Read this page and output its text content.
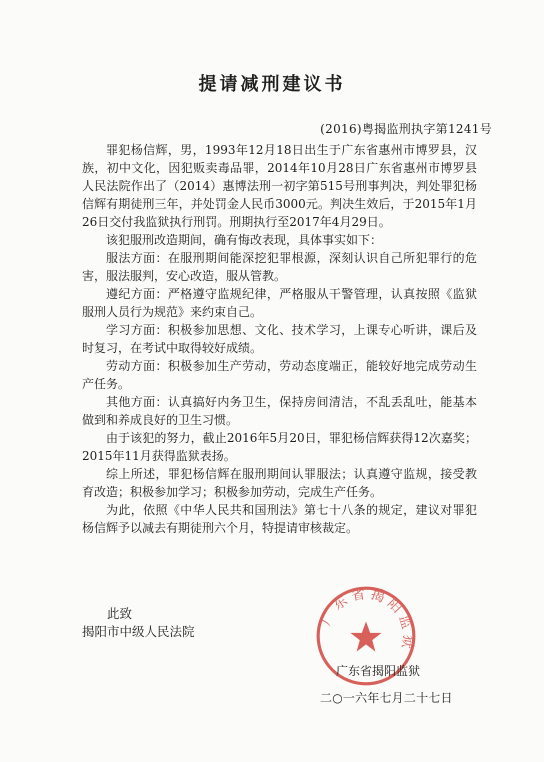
提请减刑建议书
(2016)粤揭监刑执字第1241号

罪犯杨信辉，男，1993年12月18日出生于广东省惠州市博罗县，汉族，初中文化，因犯贩卖毒品罪，2014年10月28日广东省惠州市博罗县人民法院作出了（2014）惠博法刑一初字第515号刑事判决，判处罪犯杨信辉有期徒刑三年，并处罚金人民币3000元。判决生效后，于2015年1月26日交付我监狱执行刑罚。刑期执行至2017年4月29日。

该犯服刑改造期间，确有悔改表现，具体事实如下：

服法方面：在服刑期间能深挖犯罪根源，深刻认识自己所犯罪行的危害，服法服判，安心改造，服从管教。

遵纪方面：严格遵守监规纪律，严格服从干警管理，认真按照《监狱服刑人员行为规范》来约束自己。

学习方面：积极参加思想、文化、技术学习，上课专心听讲，课后及时复习，在考试中取得较好成绩。

劳动方面：积极参加生产劳动，劳动态度端正，能较好地完成劳动生产任务。

其他方面：认真搞好内务卫生，保持房间清洁，不乱丢乱吐，能基本做到和养成良好的卫生习惯。

由于该犯的努力，截止2016年5月20日，罪犯杨信辉获得12次嘉奖；2015年11月获得监狱表扬。

综上所述，罪犯杨信辉在服刑期间认罪服法；认真遵守监规，接受教育改造；积极参加学习；积极参加劳动，完成生产任务。

为此，依照《中华人民共和国刑法》第七十八条的规定，建议对罪犯杨信辉予以减去有期徒刑六个月，特提请审核裁定。

此致
揭阳市中级人民法院
广东省揭阳监狱
广东省揭阳监狱
二○一六年七月二十七日
